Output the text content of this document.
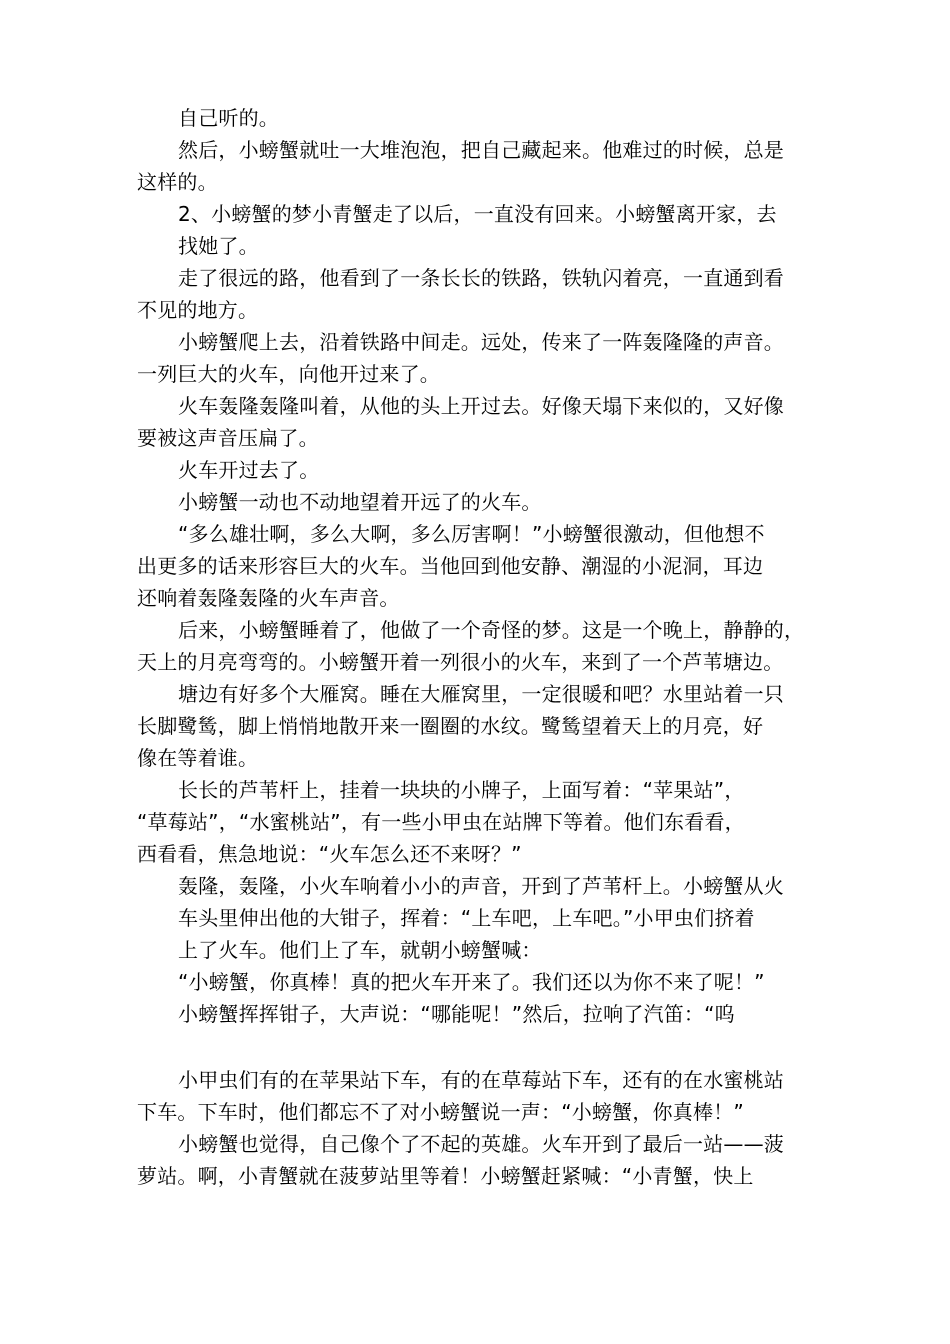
自己听的。
然后，小螃蟹就吐一大堆泡泡，把自己藏起来。他难过的时候，总是
这样的。
2、小螃蟹的梦小青蟹走了以后，一直没有回来。小螃蟹离开家，去
找她了。
走了很远的路，他看到了一条长长的铁路，铁轨闪着亮，一直通到看
不见的地方。
小螃蟹爬上去，沿着铁路中间走。远处，传来了一阵轰隆隆的声音。
一列巨大的火车，向他开过来了。
火车轰隆轰隆叫着，从他的头上开过去。好像天塌下来似的，又好像
要被这声音压扁了。
火车开过去了。
小螃蟹一动也不动地望着开远了的火车。
“多么雄壮啊，多么大啊，多么厉害啊！”小螃蟹很激动，但他想不
出更多的话来形容巨大的火车。当他回到他安静、潮湿的小泥洞，耳边
还响着轰隆轰隆的火车声音。
后来，小螃蟹睡着了，他做了一个奇怪的梦。这是一个晚上，静静的，
天上的月亮弯弯的。小螃蟹开着一列很小的火车，来到了一个芦苇塘边。
塘边有好多个大雁窝。睡在大雁窝里，一定很暖和吧？水里站着一只
长脚鹭鸶，脚上悄悄地散开来一圈圈的水纹。鹭鸶望着天上的月亮，好
像在等着谁。
长长的芦苇杆上，挂着一块块的小牌子，上面写着：“苹果站”，
“草莓站”，“水蜜桃站”，有一些小甲虫在站牌下等着。他们东看看，
西看看，焦急地说：“火车怎么还不来呀？”
轰隆，轰隆，小火车响着小小的声音，开到了芦苇杆上。小螃蟹从火
车头里伸出他的大钳子，挥着：“上车吧，上车吧。”小甲虫们挤着
上了火车。他们上了车，就朝小螃蟹喊：
“小螃蟹，你真棒！真的把火车开来了。我们还以为你不来了呢！”
小螃蟹挥挥钳子，大声说：“哪能呢！”然后，拉响了汽笛：“呜
小甲虫们有的在苹果站下车，有的在草莓站下车，还有的在水蜜桃站
下车。下车时，他们都忘不了对小螃蟹说一声：“小螃蟹，你真棒！”
小螃蟹也觉得，自己像个了不起的英雄。火车开到了最后一站——菠
萝站。啊，小青蟹就在菠萝站里等着！小螃蟹赶紧喊：“小青蟹，快上
